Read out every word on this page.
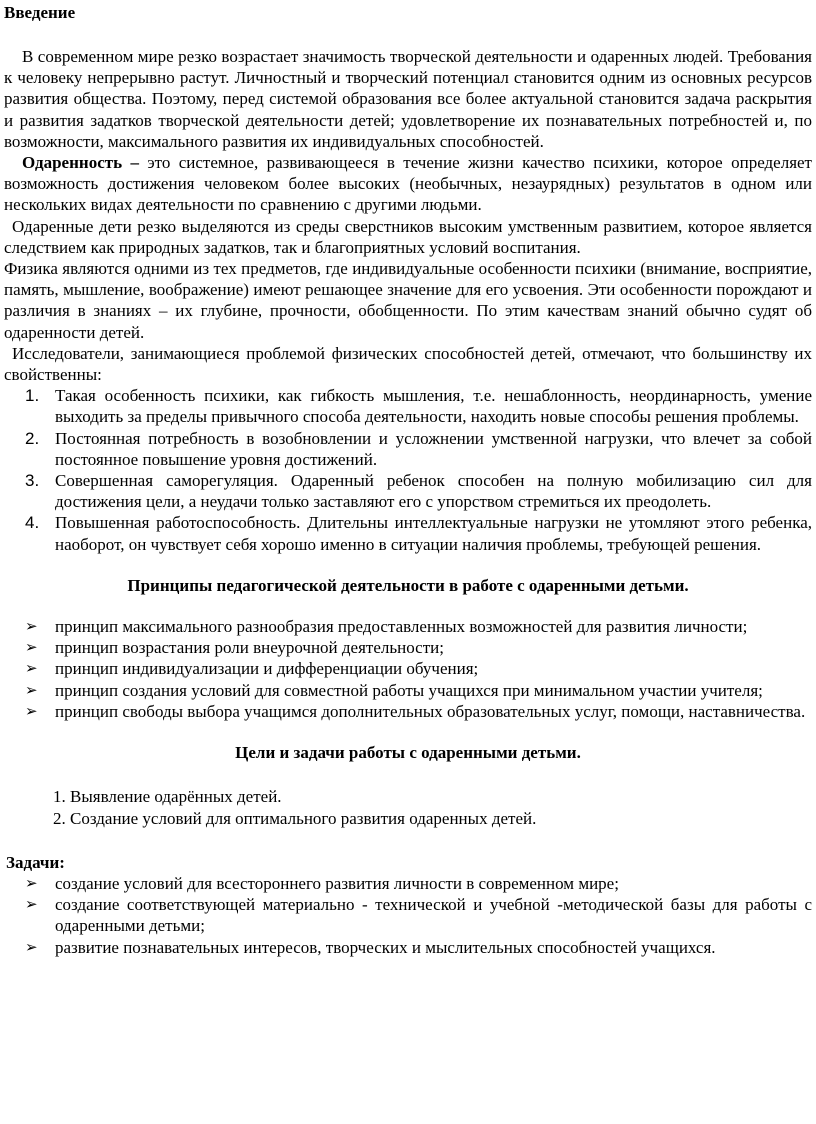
Введение

В современном мире резко возрастает значимость творческой деятельности и одаренных людей. Требования к человеку непрерывно растут. Личностный и творческий потенциал становится одним из основных ресурсов развития общества. Поэтому, перед системой образования все более актуальной становится задача раскрытия и развития задатков творческой деятельности детей; удовлетворение их познавательных потребностей и, по возможности, максимального развития их индивидуальных способностей.

Одаренность – это системное, развивающееся в течение жизни качество психики, которое определяет возможность достижения человеком более высоких (необычных, незаурядных) результатов в одном или нескольких видах деятельности по сравнению с другими людьми.

Одаренные дети резко выделяются из среды сверстников высоким умственным развитием, которое является следствием как природных задатков, так и благоприятных условий воспитания.

Физика являются одними из тех предметов, где индивидуальные особенности психики (внимание, восприятие, память, мышление, воображение) имеют решающее значение для его усвоения. Эти особенности порождают и различия в знаниях – их глубине, прочности, обобщенности. По этим качествам знаний обычно судят об одаренности детей.

Исследователи, занимающиеся проблемой физических способностей детей, отмечают, что большинству их свойственны:

1. Такая особенность психики, как гибкость мышления, т.е. нешаблонность, неординарность, умение выходить за пределы привычного способа деятельности, находить новые способы решения проблемы.
2. Постоянная потребность в возобновлении и усложнении умственной нагрузки, что влечет за собой постоянное повышение уровня достижений.
3. Совершенная саморегуляция. Одаренный ребенок способен на полную мобилизацию сил для достижения цели, а неудачи только заставляют его с упорством стремиться их преодолеть.
4. Повышенная работоспособность. Длительны интеллектуальные нагрузки не утомляют этого ребенка, наоборот, он чувствует себя хорошо именно в ситуации наличия проблемы, требующей решения.

Принципы педагогической деятельности в работе с одаренными детьми.

➢ принцип максимального разнообразия предоставленных возможностей для развития личности;
➢ принцип возрастания роли внеурочной деятельности;
➢ принцип индивидуализации и дифференциации обучения;
➢ принцип создания условий для совместной работы учащихся при минимальном участии учителя;
➢ принцип свободы выбора учащимся дополнительных образовательных услуг, помощи, наставничества.

Цели и задачи работы с одаренными детьми.

1. Выявление одарённых детей.
2. Создание условий для оптимального развития одаренных детей.

Задачи:

➢ создание условий для всестороннего развития личности в современном мире;
➢ создание соответствующей материально - технической и учебной -методической базы для работы с одаренными детьми;
➢ развитие познавательных интересов, творческих и мыслительных способностей учащихся.
